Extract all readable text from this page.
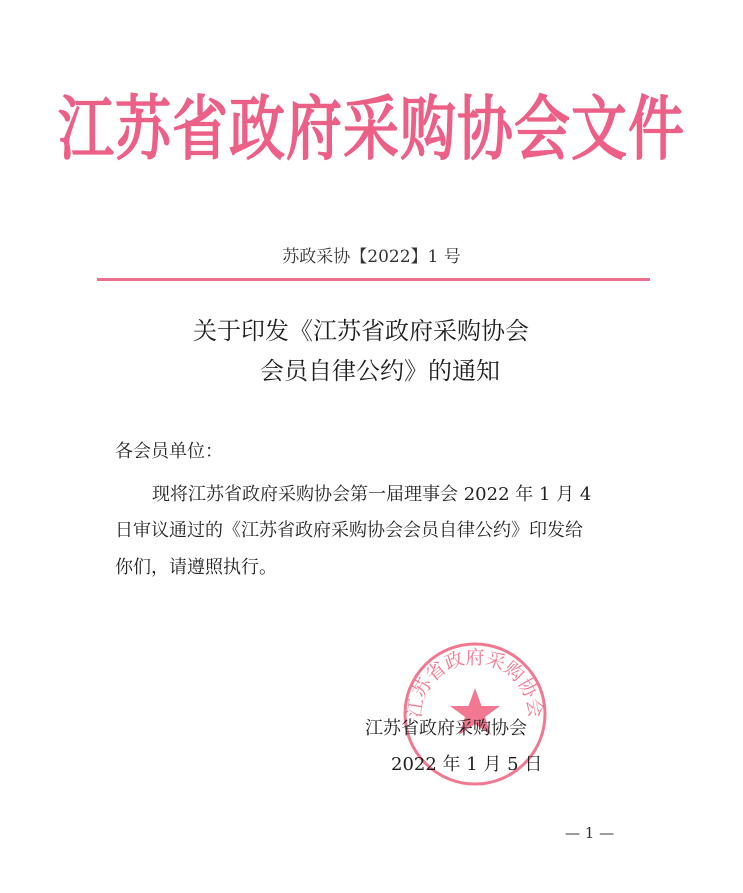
江苏省政府采购协会文件
苏政采协【2022】1 号
关于印发《江苏省政府采购协会
会员自律公约》的通知
各会员单位：
现将江苏省政府采购协会第一届理事会 2022 年 1 月 4
日审议通过的《江苏省政府采购协会会员自律公约》印发给
你们，请遵照执行。
江苏省政府采购协会
江苏省政府采购协会
2022 年 1 月 5 日
— 1 —
